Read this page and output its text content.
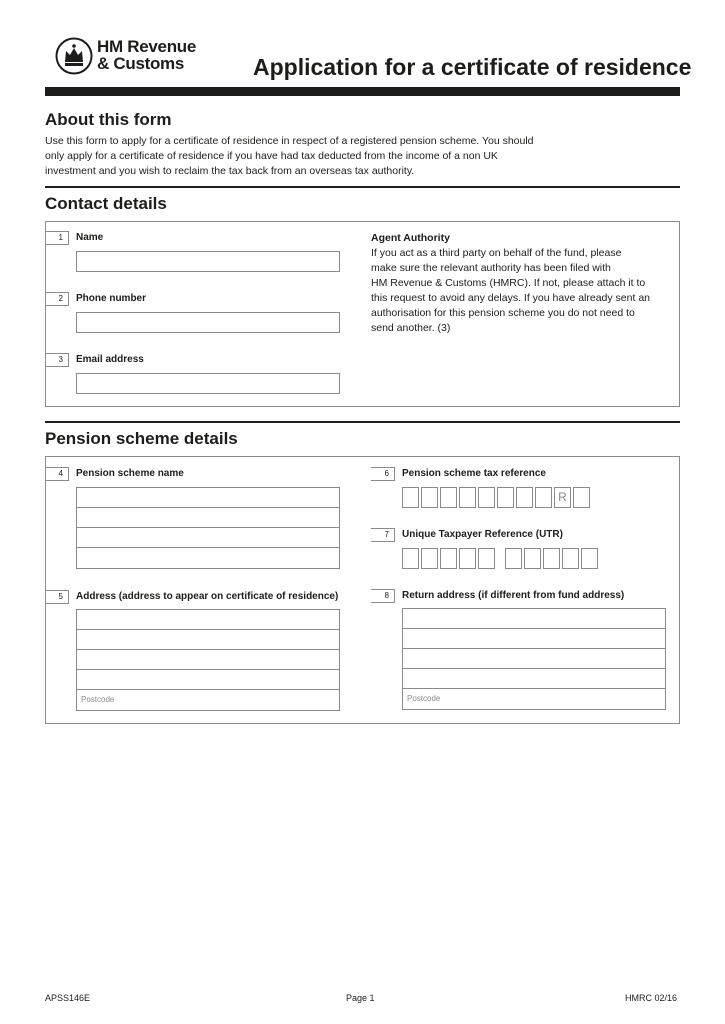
HM Revenue
& Customs	Application for a certificate of residence
About this form
Use this form to apply for a certificate of residence in respect of a registered pension scheme. You should
only apply for a certificate of residence if you have had tax deducted from the income of a non UK
investment and you wish to reclaim the tax back from an overseas tax authority.
Contact details
1	Name
2	Phone number
3	Email address
Agent Authority
If you act as a third party on behalf of the fund, please
make sure the relevant authority has been filed with
HM Revenue & Customs (HMRC). If not, please attach it to
this request to avoid any delays. If you have already sent an
authorisation for this pension scheme you do not need to
send another. (3)
Pension scheme details
4	Pension scheme name
5	Address (address to appear on certificate of residence)
Postcode
6	Pension scheme tax reference
R
7	Unique Taxpayer Reference (UTR)
8	Return address (if different from fund address)
Postcode
APSS146E	Page 1	HMRC 02/16
